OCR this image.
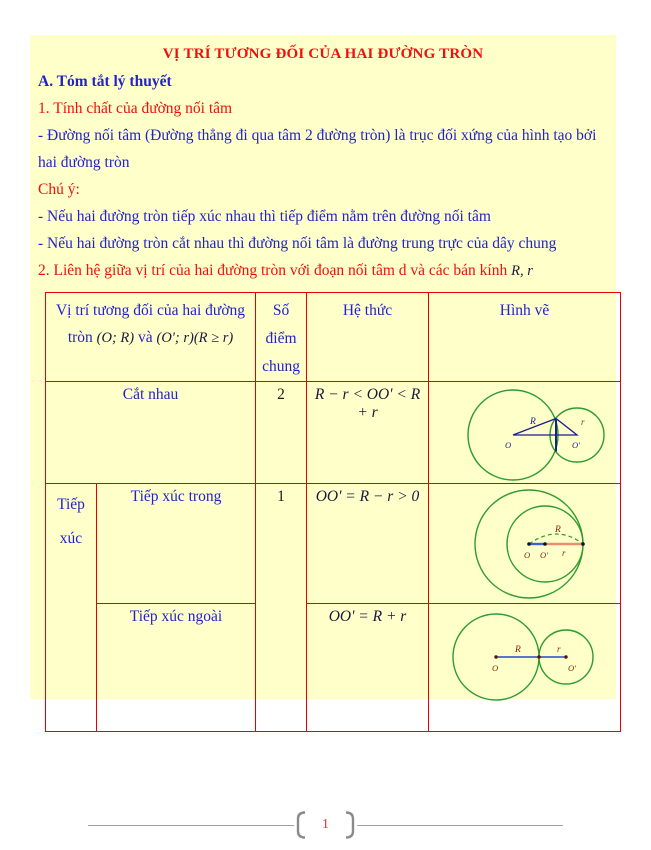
VỊ TRÍ TƯƠNG ĐỐI CỦA HAI ĐƯỜNG TRÒN
A. Tóm tắt lý thuyết
1. Tính chất của đường nối tâm
- Đường nối tâm (Đường thẳng đi qua tâm 2 đường tròn) là trục đối xứng của hình tạo bởi hai đường tròn
Chú ý:
- Nếu hai đường tròn tiếp xúc nhau thì tiếp điểm nằm trên đường nối tâm
- Nếu hai đường tròn cắt nhau thì đường nối tâm là đường trung trực của dây chung
2. Liên hệ giữa vị trí của hai đường tròn với đoạn nối tâm d và các bán kính R, r
Vị trí tương đối của hai đường tròn (O; R) và (O'; r)(R ≥ r)		Số điểm chung	Hệ thức	Hình vẽ
Cắt nhau		2	R − r < OO' < R + r	R r
O O'

Tiếp xúc	Tiếp xúc trong	1	OO' = R − r > 0	R
r
O O'

	Tiếp xúc ngoài		OO' = R + r	R r
O O'
1
